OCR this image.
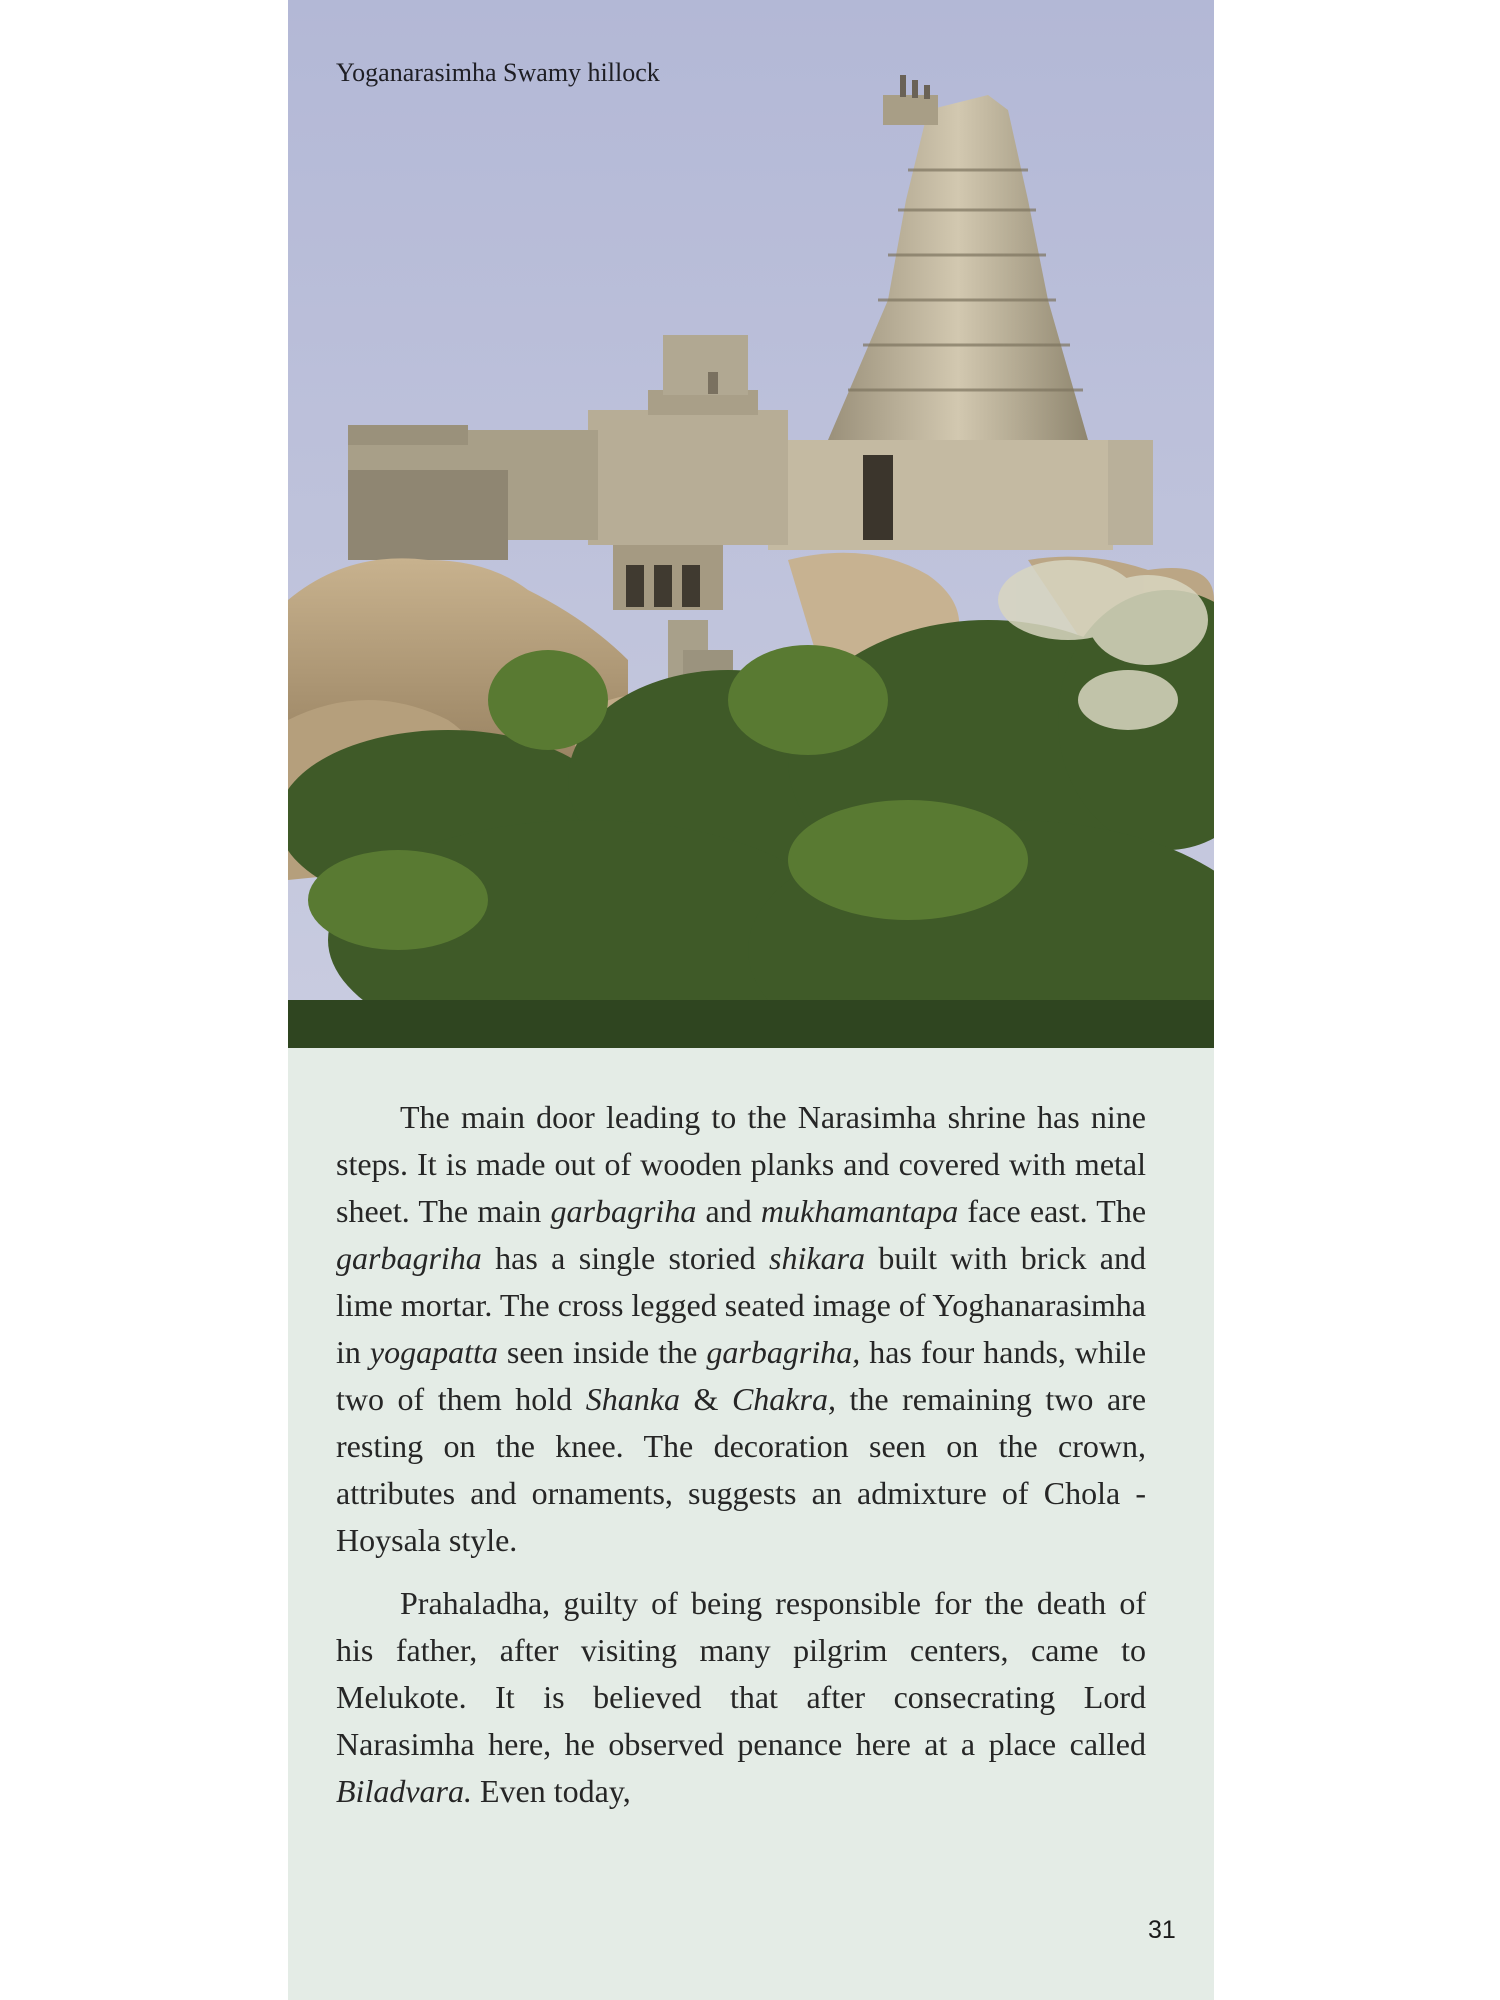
Yoganarasimha Swamy hillock

The main door leading to the Narasimha shrine has nine steps. It is made out of wooden planks and covered with metal sheet. The main garbagriha and mukhamantapa face east. The garbagriha has a single storied shikara built with brick and lime mortar. The cross legged seated image of Yoghanarasimha in yogapatta seen inside the garbagriha, has four hands, while two of them hold Shanka & Chakra, the remaining two are resting on the knee. The decoration seen on the crown, attributes and ornaments, suggests an admixture of Chola - Hoysala style.

Prahaladha, guilty of being responsible for the death of his father, after visiting many pilgrim centers, came to Melukote. It is believed that after consecrating Lord Narasimha here, he observed penance here at a place called Biladvara. Even today,

31
